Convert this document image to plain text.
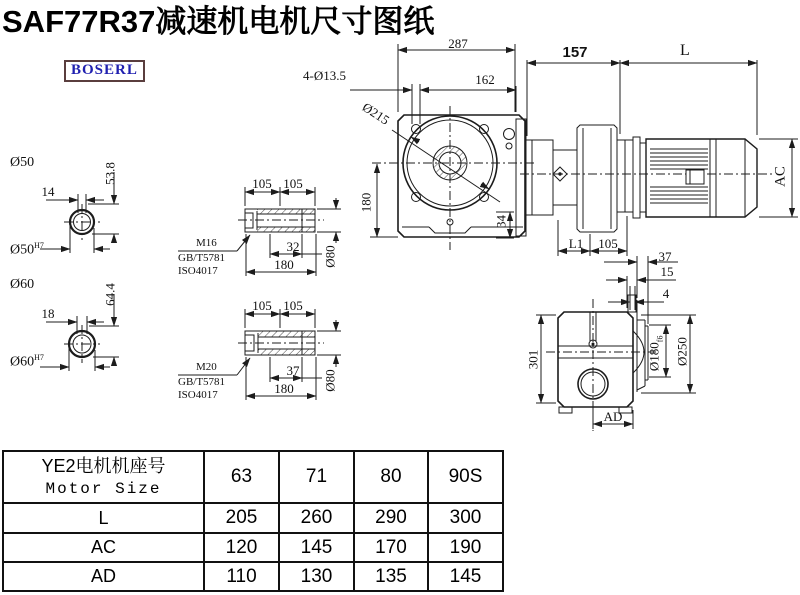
SAF77R37减速机电机尺寸图纸
BOSERL
Ø50
14
53.8
$Ø50^{H7}$
Ø60
18
64.4
$Ø60^{H7}$
105 105
M16
GB/T5781
ISO4017
32
180	Ø80
105 105
M20
GB/T5781
ISO4017
37
180	Ø80
287
4-Ø13.5	162
157	L
Ø215
180
34
AC
L1	105
37
15
4
301	$Ø180_{f6}$ Ø250
AD
YE2电机机座号
Motor Size	63	71	80	90S
L	205	260	290	300
AC	120	145	170	190
AD	110	130	135	145
